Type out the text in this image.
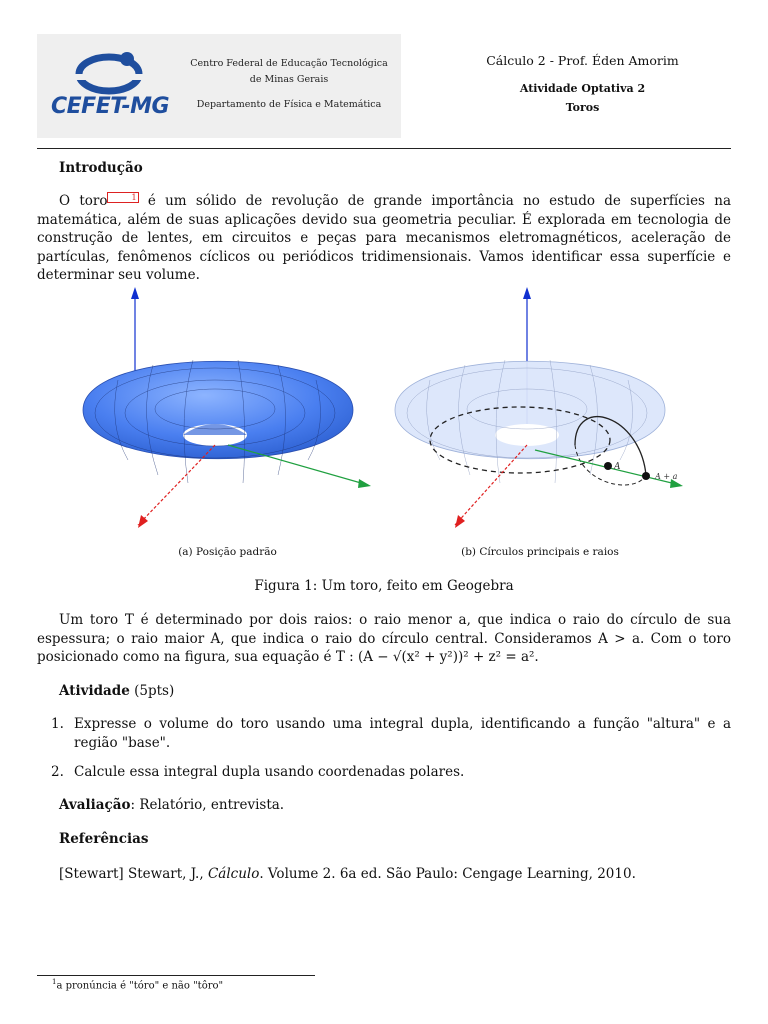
CEFET-MG
Centro Federal de Educação Tecnológica
de Minas Gerais
Departamento de Física e Matemática
Cálculo 2 - Prof. Éden Amorim
Atividade Optativa 2
Toros
Introdução
O toro	1 é um sólido de revolução de grande importância no estudo de superfícies na matemática, além de suas aplicações devido sua geometria peculiar. É explorada em tecnologia de construção de lentes, em circuitos e peças para mecanismos eletromagnéticos, aceleração de partículas, fenômenos cíclicos ou periódicos tridimensionais. Vamos identificar essa superfície e determinar seu volume.
A
A + a
(a) Posição padrão	(b) Círculos principais e raios
Figura 1: Um toro, feito em Geogebra
Um toro T é determinado por dois raios: o raio menor a, que indica o raio do círculo de sua espessura; o raio maior A, que indica o raio do círculo central. Consideramos A > a. Com o toro posicionado como na figura, sua equação é T : (A − √(x² + y²))² + z² = a².
Atividade (5pts)
1. Expresse o volume do toro usando uma integral dupla, identificando a função "altura" e a região "base".
2. Calcule essa integral dupla usando coordenadas polares.
Avaliação: Relatório, entrevista.
Referências
[Stewart] Stewart, J., Cálculo. Volume 2. 6a ed. São Paulo: Cengage Learning, 2010.
$^1$a pronúncia é "tóro" e não "tôro"
